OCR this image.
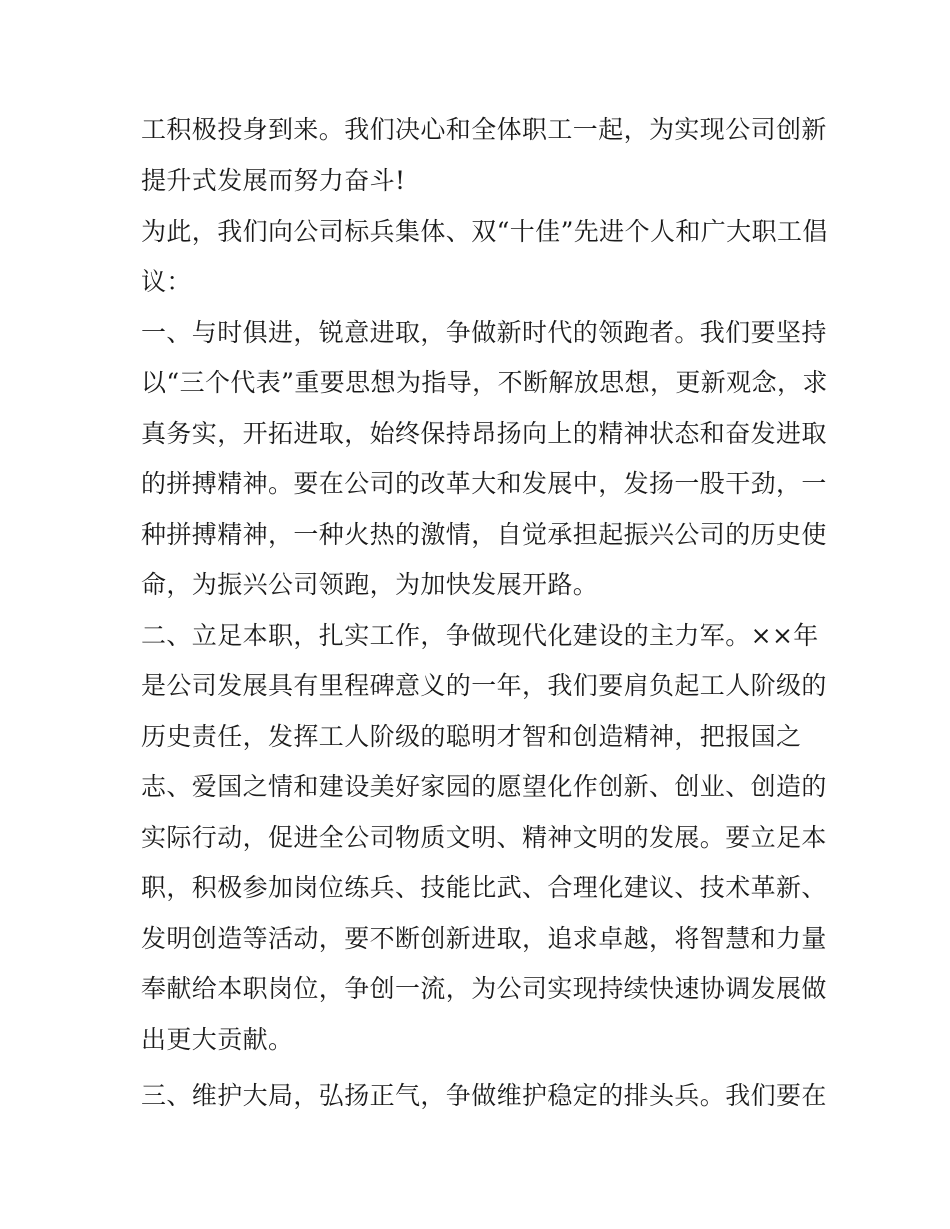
工积极投身到来。我们决心和全体职工一起，为实现公司创新
提升式发展而努力奋斗!
为此，我们向公司标兵集体、双“十佳”先进个人和广大职工倡
议：
一、与时俱进，锐意进取，争做新时代的领跑者。我们要坚持
以“三个代表”重要思想为指导，不断解放思想，更新观念，求
真务实，开拓进取，始终保持昂扬向上的精神状态和奋发进取
的拼搏精神。要在公司的改革大和发展中，发扬一股干劲，一
种拼搏精神，一种火热的激情，自觉承担起振兴公司的历史使
命，为振兴公司领跑，为加快发展开路。
二、立足本职，扎实工作，争做现代化建设的主力军。××年
是公司发展具有里程碑意义的一年，我们要肩负起工人阶级的
历史责任，发挥工人阶级的聪明才智和创造精神，把报国之
志、爱国之情和建设美好家园的愿望化作创新、创业、创造的
实际行动，促进全公司物质文明、精神文明的发展。要立足本
职，积极参加岗位练兵、技能比武、合理化建议、技术革新、
发明创造等活动，要不断创新进取，追求卓越，将智慧和力量
奉献给本职岗位，争创一流，为公司实现持续快速协调发展做
出更大贡献。
三、维护大局，弘扬正气，争做维护稳定的排头兵。我们要在
